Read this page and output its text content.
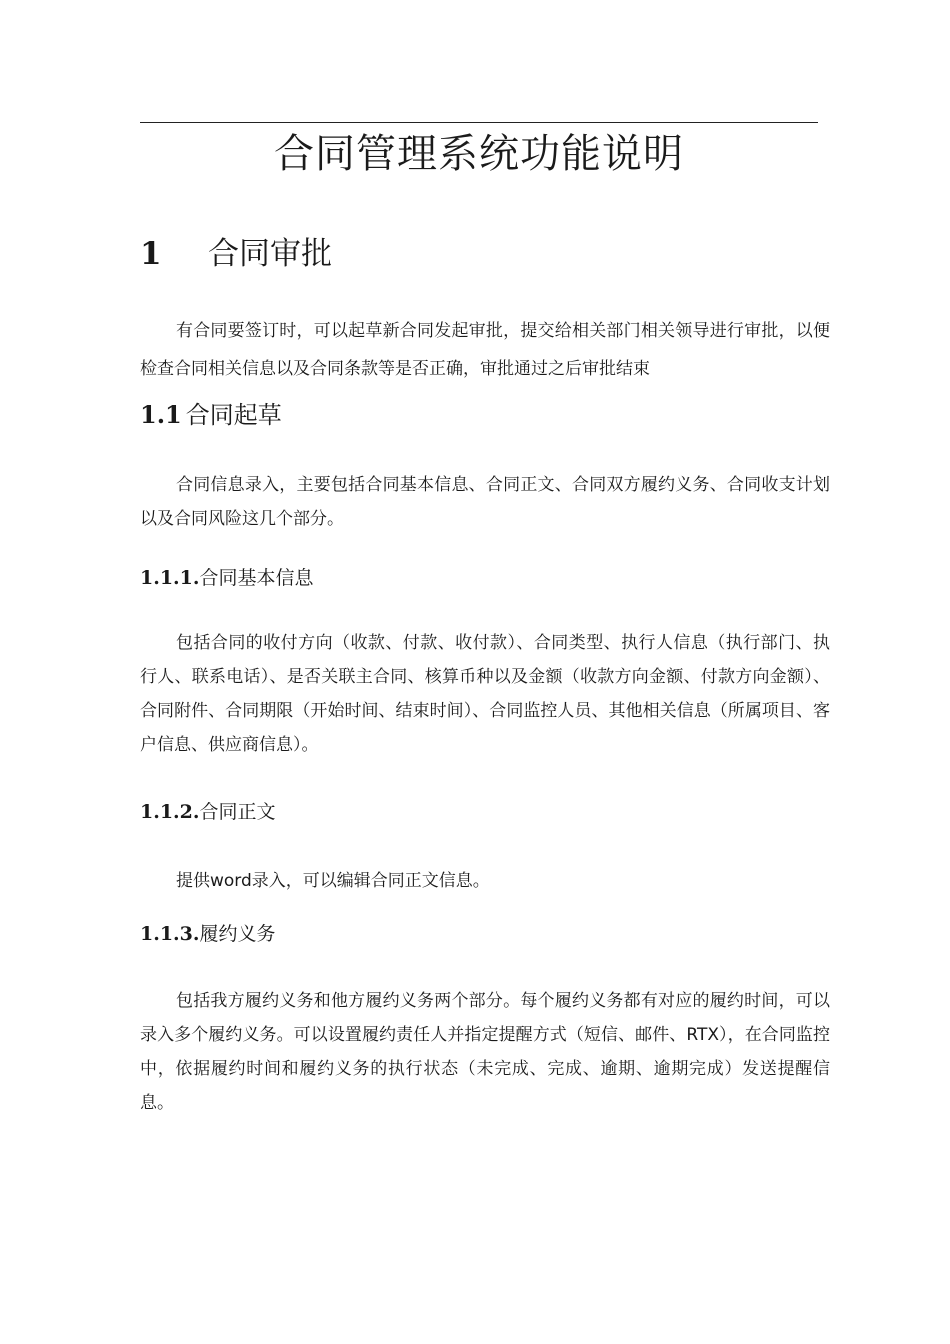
合同管理系统功能说明
1 合同审批

有合同要签订时，可以起草新合同发起审批，提交给相关部门相关领导进行审批，以便检查合同相关信息以及合同条款等是否正确，审批通过之后审批结束

1.1 合同起草

合同信息录入，主要包括合同基本信息、合同正文、合同双方履约义务、合同收支计划以及合同风险这几个部分。

1.1.1.合同基本信息

包括合同的收付方向（收款、付款、收付款）、合同类型、执行人信息（执行部门、执行人、联系电话）、是否关联主合同、核算币种以及金额（收款方向金额、付款方向金额）、合同附件、合同期限（开始时间、结束时间）、合同监控人员、其他相关信息（所属项目、客户信息、供应商信息）。

1.1.2.合同正文

提供word录入，可以编辑合同正文信息。

1.1.3.履约义务

包括我方履约义务和他方履约义务两个部分。每个履约义务都有对应的履约时间，可以录入多个履约义务。可以设置履约责任人并指定提醒方式（短信、邮件、RTX），在合同监控中，依据履约时间和履约义务的执行状态（未完成、完成、逾期、逾期完成）发送提醒信息。
